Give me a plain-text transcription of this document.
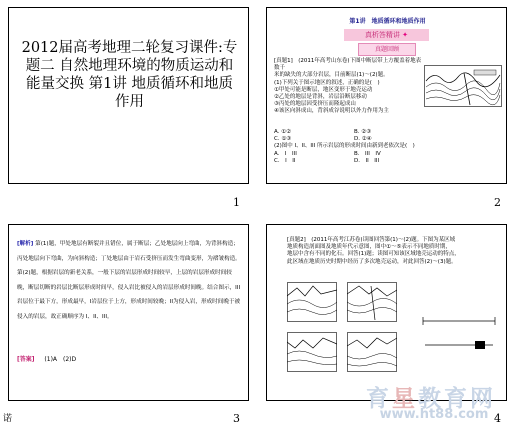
2012届高考地理二轮复习课件:专题二 自然地理环境的物质运动和能量交换 第1讲 地质循环和地质作用
1
第1讲　地质循环和地质作用
真析答精讲 ✦
真题回顾
[真题1]　(2011年高考山东卷)下图中断层带上方覆盖着地表数千
米的缺失的大部分岩层，目前断层(1)～(2)题。
(1)下列关于图示地区的叙述，正确的是(　)
①甲处可能是断层，地区变形于地壳运动
②乙处的地层是背斜，岩层沿断层移动
③丙处的地层因受挤压而隆起成山
④该区向斜成山，背斜成谷说明以外力作用为主
A. ①②	B. ②③
C. ①③	D. ②④
(2)图中 I、II、III 所示岩层的形成时间由新到老依次是(　)
A.　I　III	B.　III　IV
C.　I　II	D.　II　III
2
[解析] 第(1)题，甲处地层有断裂并且错位，属于断层；乙处地层向上弯曲，为背斜构造；丙处地层向下弯曲，为向斜构造；丁处地层由于岩石受挤压而发生弯曲变形，为褶皱构造。第(2)题，根据岩层的新老关系，一般下层的岩层形成时间较早，上层的岩层形成时间较晚，断层切断的岩层比断层形成时间早，侵入岩比被侵入的岩层形成时间晚。结合图示，III岩层位于最下方，形成最早，I岩层位于上方，形成时间较晚；II为侵入岩，形成时间晚于被侵入的岩层，故正确顺序为 I、II、III。
[答案] (1)A　(2)D
3
[真题2]　(2011年高考江苏卷)读图回答第(1)～(2)题。下图为某区域
地质构造剖面图及地质年代示意图，图中①～⑤表示不同地质时期，
地层中含有不同的化石。回答(1)题；读图可知该区域地壳运动的特点，
此区域在地质历史时期中经历了多次地壳运动，对此回答(2)～(3)题。
4
育星教育网
www.ht88.com
诺
